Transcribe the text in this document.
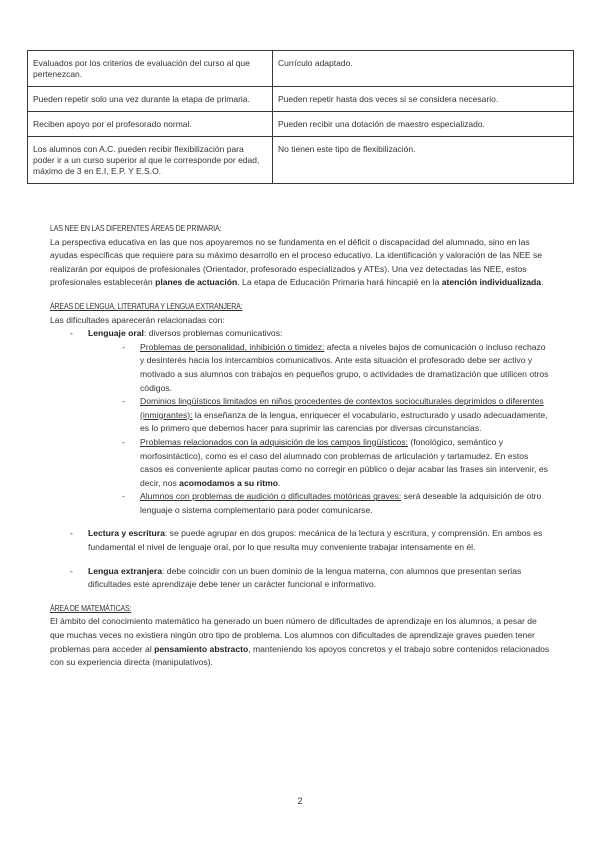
Evaluados por los criterios de evaluación del curso al que pertenezcan.	Currículo adaptado.
Pueden repetir solo una vez durante la etapa de primaria.	Pueden repetir hasta dos veces si se considera necesario.
Reciben apoyo por el profesorado normal.	Pueden recibir una dotación de maestro especializado.
Los alumnos con A.C. pueden recibir flexibilización para poder ir a un curso superior al que le corresponde por edad, máximo de 3 en E.I, E.P. Y E.S.O.	No tienen este tipo de flexibilización.
LAS NEE EN LAS DIFERENTES ÁREAS DE PRIMARIA:

La perspectiva educativa en las que nos apoyaremos no se fundamenta en el déficit o discapacidad del alumnado, sino en las ayudas específicas que requiere para su máximo desarrollo en el proceso educativo. La identificación y valoración de las NEE se realizarán por equipos de profesionales (Orientador, profesorado especializados y ATEs). Una vez detectadas las NEE, estos profesionales establecerán planes de actuación. La etapa de Educación Primaria hará hincapié en la atención individualizada.

ÁREAS DE LENGUA, LITERATURA Y LENGUA EXTRANJERA:

Las dificultades aparecerán relacionadas con:

- Lenguaje oral: diversos problemas comunicativos:
- Problemas de personalidad, inhibición o timidez: afecta a niveles bajos de comunicación o incluso rechazo y desinterés hacia los intercambios comunicativos. Ante esta situación el profesorado debe ser activo y motivado a sus alumnos con trabajos en pequeños grupo, o actividades de dramatización que utilicen otros códigos.
- Dominios lingüísticos limitados en niños procedentes de contextos socioculturales deprimidos o diferentes (inmigrantes): la enseñanza de la lengua, enriquecer el vocabulario, estructurado y usado adecuadamente, es lo primero que debemos hacer para suprimir las carencias por diversas circunstancias.
- Problemas relacionados con la adquisición de los campos lingüísticos: (fonológico, semántico y morfosintáctico), como es el caso del alumnado con problemas de articulación y tartamudez. En estos casos es conveniente aplicar pautas como no corregir en público o dejar acabar las frases sin intervenir, es decir, nos acomodamos a su ritmo.
- Alumnos con problemas de audición o dificultades motóricas graves: será deseable la adquisición de otro lenguaje o sistema complementario para poder comunicarse.
- Lectura y escritura: se puede agrupar en dos grupos: mecánica de la lectura y escritura, y comprensión. En ambos es fundamental el nivel de lenguaje oral, por lo que resulta muy conveniente trabajar intensamente en él.
- Lengua extranjera: debe coincidir con un buen dominio de la lengua materna, con alumnos que presentan serias dificultades este aprendizaje debe tener un carácter funcional e informativo.
ÁREA DE MATEMÁTICAS:

El ámbito del conocimiento matemático ha generado un buen número de dificultades de aprendizaje en los alumnos, a pesar de que muchas veces no existiera ningún otro tipo de problema. Los alumnos con dificultades de aprendizaje graves pueden tener problemas para acceder al pensamiento abstracto, manteniendo los apoyos concretos y el trabajo sobre contenidos relacionados con su experiencia directa (manipulativos).

2
